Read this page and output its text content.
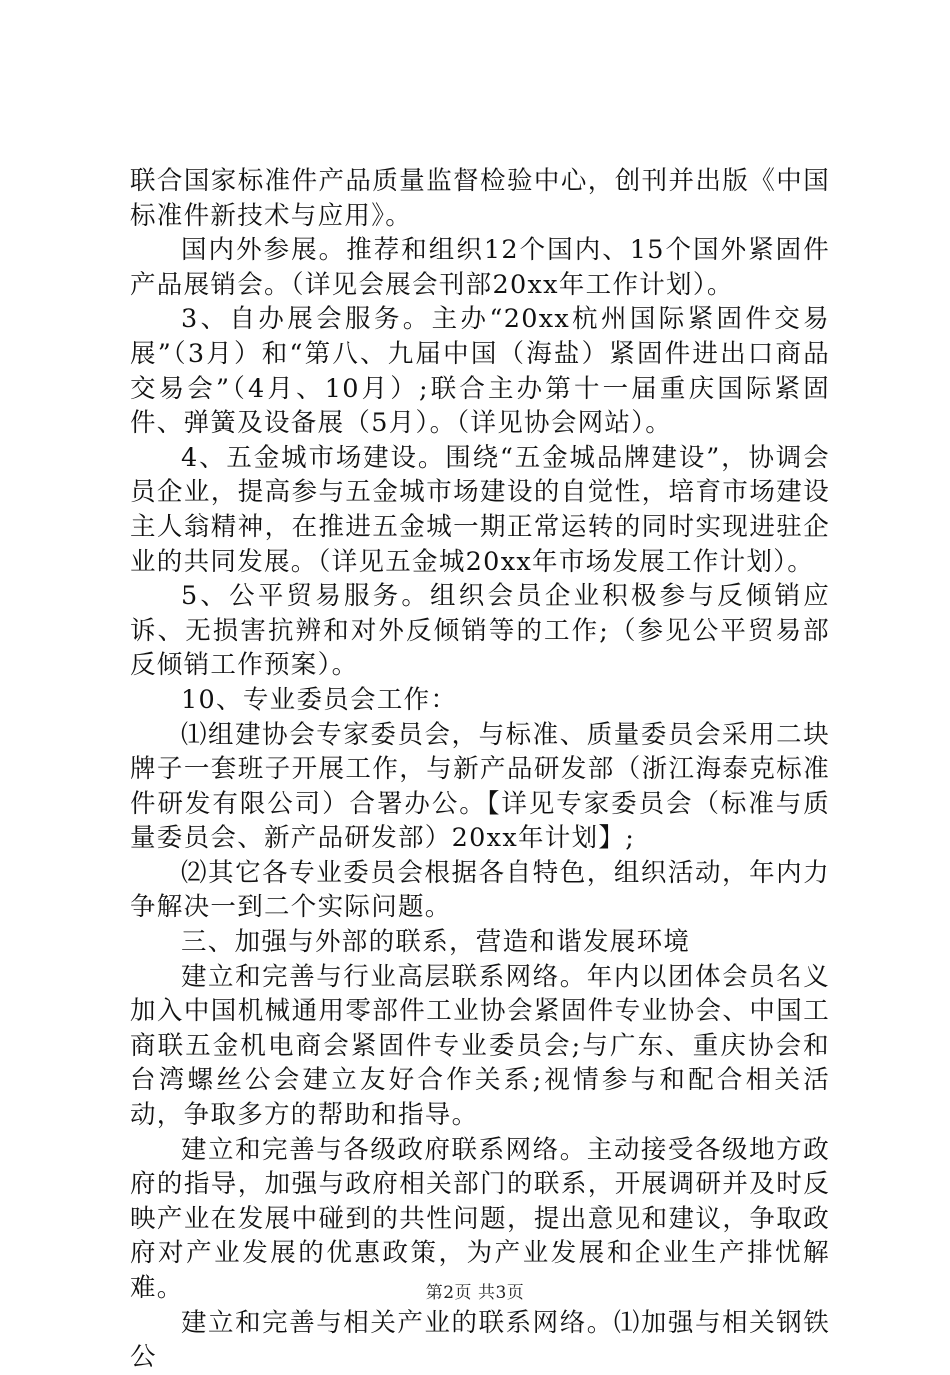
联合国家标准件产品质量监督检验中心，创刊并出版《中国标准件新技术与应用》。

国内外参展。推荐和组织12个国内、15个国外紧固件产品展销会。（详见会展会刊部20xx年工作计划）。

3、自办展会服务。主办“20xx杭州国际紧固件交易展”（3月）和“第八、九届中国（海盐）紧固件进出口商品交易会”（4月、10月）;联合主办第十一届重庆国际紧固件、弹簧及设备展（5月）。（详见协会网站）。

4、五金城市场建设。围绕“五金城品牌建设”，协调会员企业，提高参与五金城市场建设的自觉性，培育市场建设主人翁精神，在推进五金城一期正常运转的同时实现进驻企业的共同发展。（详见五金城20xx年市场发展工作计划）。

5、公平贸易服务。组织会员企业积极参与反倾销应诉、无损害抗辨和对外反倾销等的工作;（参见公平贸易部反倾销工作预案）。

10、专业委员会工作：

⑴组建协会专家委员会，与标准、质量委员会采用二块牌子一套班子开展工作，与新产品研发部（浙江海泰克标准件研发有限公司）合署办公。【详见专家委员会（标准与质量委员会、新产品研发部）20xx年计划】;

⑵其它各专业委员会根据各自特色，组织活动，年内力争解决一到二个实际问题。

三、加强与外部的联系，营造和谐发展环境

建立和完善与行业高层联系网络。年内以团体会员名义加入中国机械通用零部件工业协会紧固件专业协会、中国工商联五金机电商会紧固件专业委员会;与广东、重庆协会和台湾螺丝公会建立友好合作关系;视情参与和配合相关活动，争取多方的帮助和指导。

建立和完善与各级政府联系网络。主动接受各级地方政府的指导，加强与政府相关部门的联系，开展调研并及时反映产业在发展中碰到的共性问题，提出意见和建议，争取政府对产业发展的优惠政策，为产业发展和企业生产排忧解难。

建立和完善与相关产业的联系网络。⑴加强与相关钢铁公

第2页 共3页
